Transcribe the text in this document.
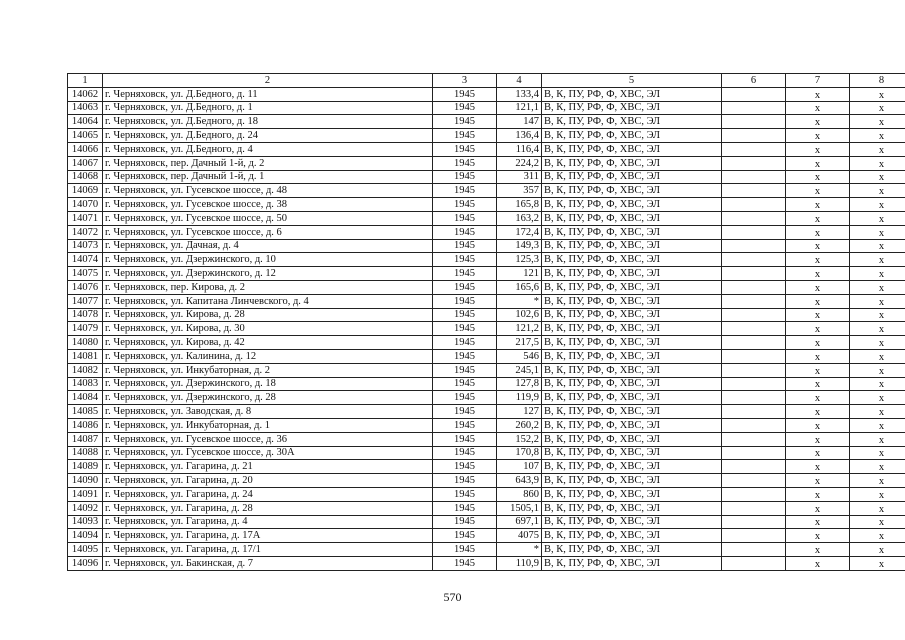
1	2	3	4	5	6	7	8
14062	г. Черняховск, ул. Д.Бедного, д. 11	1945	133,4	В, К, ПУ, РФ, Ф, ХВС, ЭЛ		x	x
14063	г. Черняховск, ул. Д.Бедного, д. 1	1945	121,1	В, К, ПУ, РФ, Ф, ХВС, ЭЛ		x	x
14064	г. Черняховск, ул. Д.Бедного, д. 18	1945	147	В, К, ПУ, РФ, Ф, ХВС, ЭЛ		x	x
14065	г. Черняховск, ул. Д.Бедного, д. 24	1945	136,4	В, К, ПУ, РФ, Ф, ХВС, ЭЛ		x	x
14066	г. Черняховск, ул. Д.Бедного, д. 4	1945	116,4	В, К, ПУ, РФ, Ф, ХВС, ЭЛ		x	x
14067	г. Черняховск, пер. Дачный 1-й, д. 2	1945	224,2	В, К, ПУ, РФ, Ф, ХВС, ЭЛ		x	x
14068	г. Черняховск, пер. Дачный 1-й, д. 1	1945	311	В, К, ПУ, РФ, Ф, ХВС, ЭЛ		x	x
14069	г. Черняховск, ул. Гусевское шоссе, д. 48	1945	357	В, К, ПУ, РФ, Ф, ХВС, ЭЛ		x	x
14070	г. Черняховск, ул. Гусевское шоссе, д. 38	1945	165,8	В, К, ПУ, РФ, Ф, ХВС, ЭЛ		x	x
14071	г. Черняховск, ул. Гусевское шоссе, д. 50	1945	163,2	В, К, ПУ, РФ, Ф, ХВС, ЭЛ		x	x
14072	г. Черняховск, ул. Гусевское шоссе, д. 6	1945	172,4	В, К, ПУ, РФ, Ф, ХВС, ЭЛ		x	x
14073	г. Черняховск, ул. Дачная, д. 4	1945	149,3	В, К, ПУ, РФ, Ф, ХВС, ЭЛ		x	x
14074	г. Черняховск, ул. Дзержинского, д. 10	1945	125,3	В, К, ПУ, РФ, Ф, ХВС, ЭЛ		x	x
14075	г. Черняховск, ул. Дзержинского, д. 12	1945	121	В, К, ПУ, РФ, Ф, ХВС, ЭЛ		x	x
14076	г. Черняховск, пер. Кирова, д. 2	1945	165,6	В, К, ПУ, РФ, Ф, ХВС, ЭЛ		x	x
14077	г. Черняховск, ул. Капитана Линчевского, д. 4	1945	*	В, К, ПУ, РФ, Ф, ХВС, ЭЛ		x	x
14078	г. Черняховск, ул. Кирова, д. 28	1945	102,6	В, К, ПУ, РФ, Ф, ХВС, ЭЛ		x	x
14079	г. Черняховск, ул. Кирова, д. 30	1945	121,2	В, К, ПУ, РФ, Ф, ХВС, ЭЛ		x	x
14080	г. Черняховск, ул. Кирова, д. 42	1945	217,5	В, К, ПУ, РФ, Ф, ХВС, ЭЛ		x	x
14081	г. Черняховск, ул. Калинина, д. 12	1945	546	В, К, ПУ, РФ, Ф, ХВС, ЭЛ		x	x
14082	г. Черняховск, ул. Инкубаторная, д. 2	1945	245,1	В, К, ПУ, РФ, Ф, ХВС, ЭЛ		x	x
14083	г. Черняховск, ул. Дзержинского, д. 18	1945	127,8	В, К, ПУ, РФ, Ф, ХВС, ЭЛ		x	x
14084	г. Черняховск, ул. Дзержинского, д. 28	1945	119,9	В, К, ПУ, РФ, Ф, ХВС, ЭЛ		x	x
14085	г. Черняховск, ул. Заводская, д. 8	1945	127	В, К, ПУ, РФ, Ф, ХВС, ЭЛ		x	x
14086	г. Черняховск, ул. Инкубаторная, д. 1	1945	260,2	В, К, ПУ, РФ, Ф, ХВС, ЭЛ		x	x
14087	г. Черняховск, ул. Гусевское шоссе, д. 36	1945	152,2	В, К, ПУ, РФ, Ф, ХВС, ЭЛ		x	x
14088	г. Черняховск, ул. Гусевское шоссе, д. 30А	1945	170,8	В, К, ПУ, РФ, Ф, ХВС, ЭЛ		x	x
14089	г. Черняховск, ул. Гагарина, д. 21	1945	107	В, К, ПУ, РФ, Ф, ХВС, ЭЛ		x	x
14090	г. Черняховск, ул. Гагарина, д. 20	1945	643,9	В, К, ПУ, РФ, Ф, ХВС, ЭЛ		x	x
14091	г. Черняховск, ул. Гагарина, д. 24	1945	860	В, К, ПУ, РФ, Ф, ХВС, ЭЛ		x	x
14092	г. Черняховск, ул. Гагарина, д. 28	1945	1505,1	В, К, ПУ, РФ, Ф, ХВС, ЭЛ		x	x
14093	г. Черняховск, ул. Гагарина, д. 4	1945	697,1	В, К, ПУ, РФ, Ф, ХВС, ЭЛ		x	x
14094	г. Черняховск, ул. Гагарина, д. 17А	1945	4075	В, К, ПУ, РФ, Ф, ХВС, ЭЛ		x	x
14095	г. Черняховск, ул. Гагарина, д. 17/1	1945	*	В, К, ПУ, РФ, Ф, ХВС, ЭЛ		x	x
14096	г. Черняховск, ул. Бакинская, д. 7	1945	110,9	В, К, ПУ, РФ, Ф, ХВС, ЭЛ		x	x
570
